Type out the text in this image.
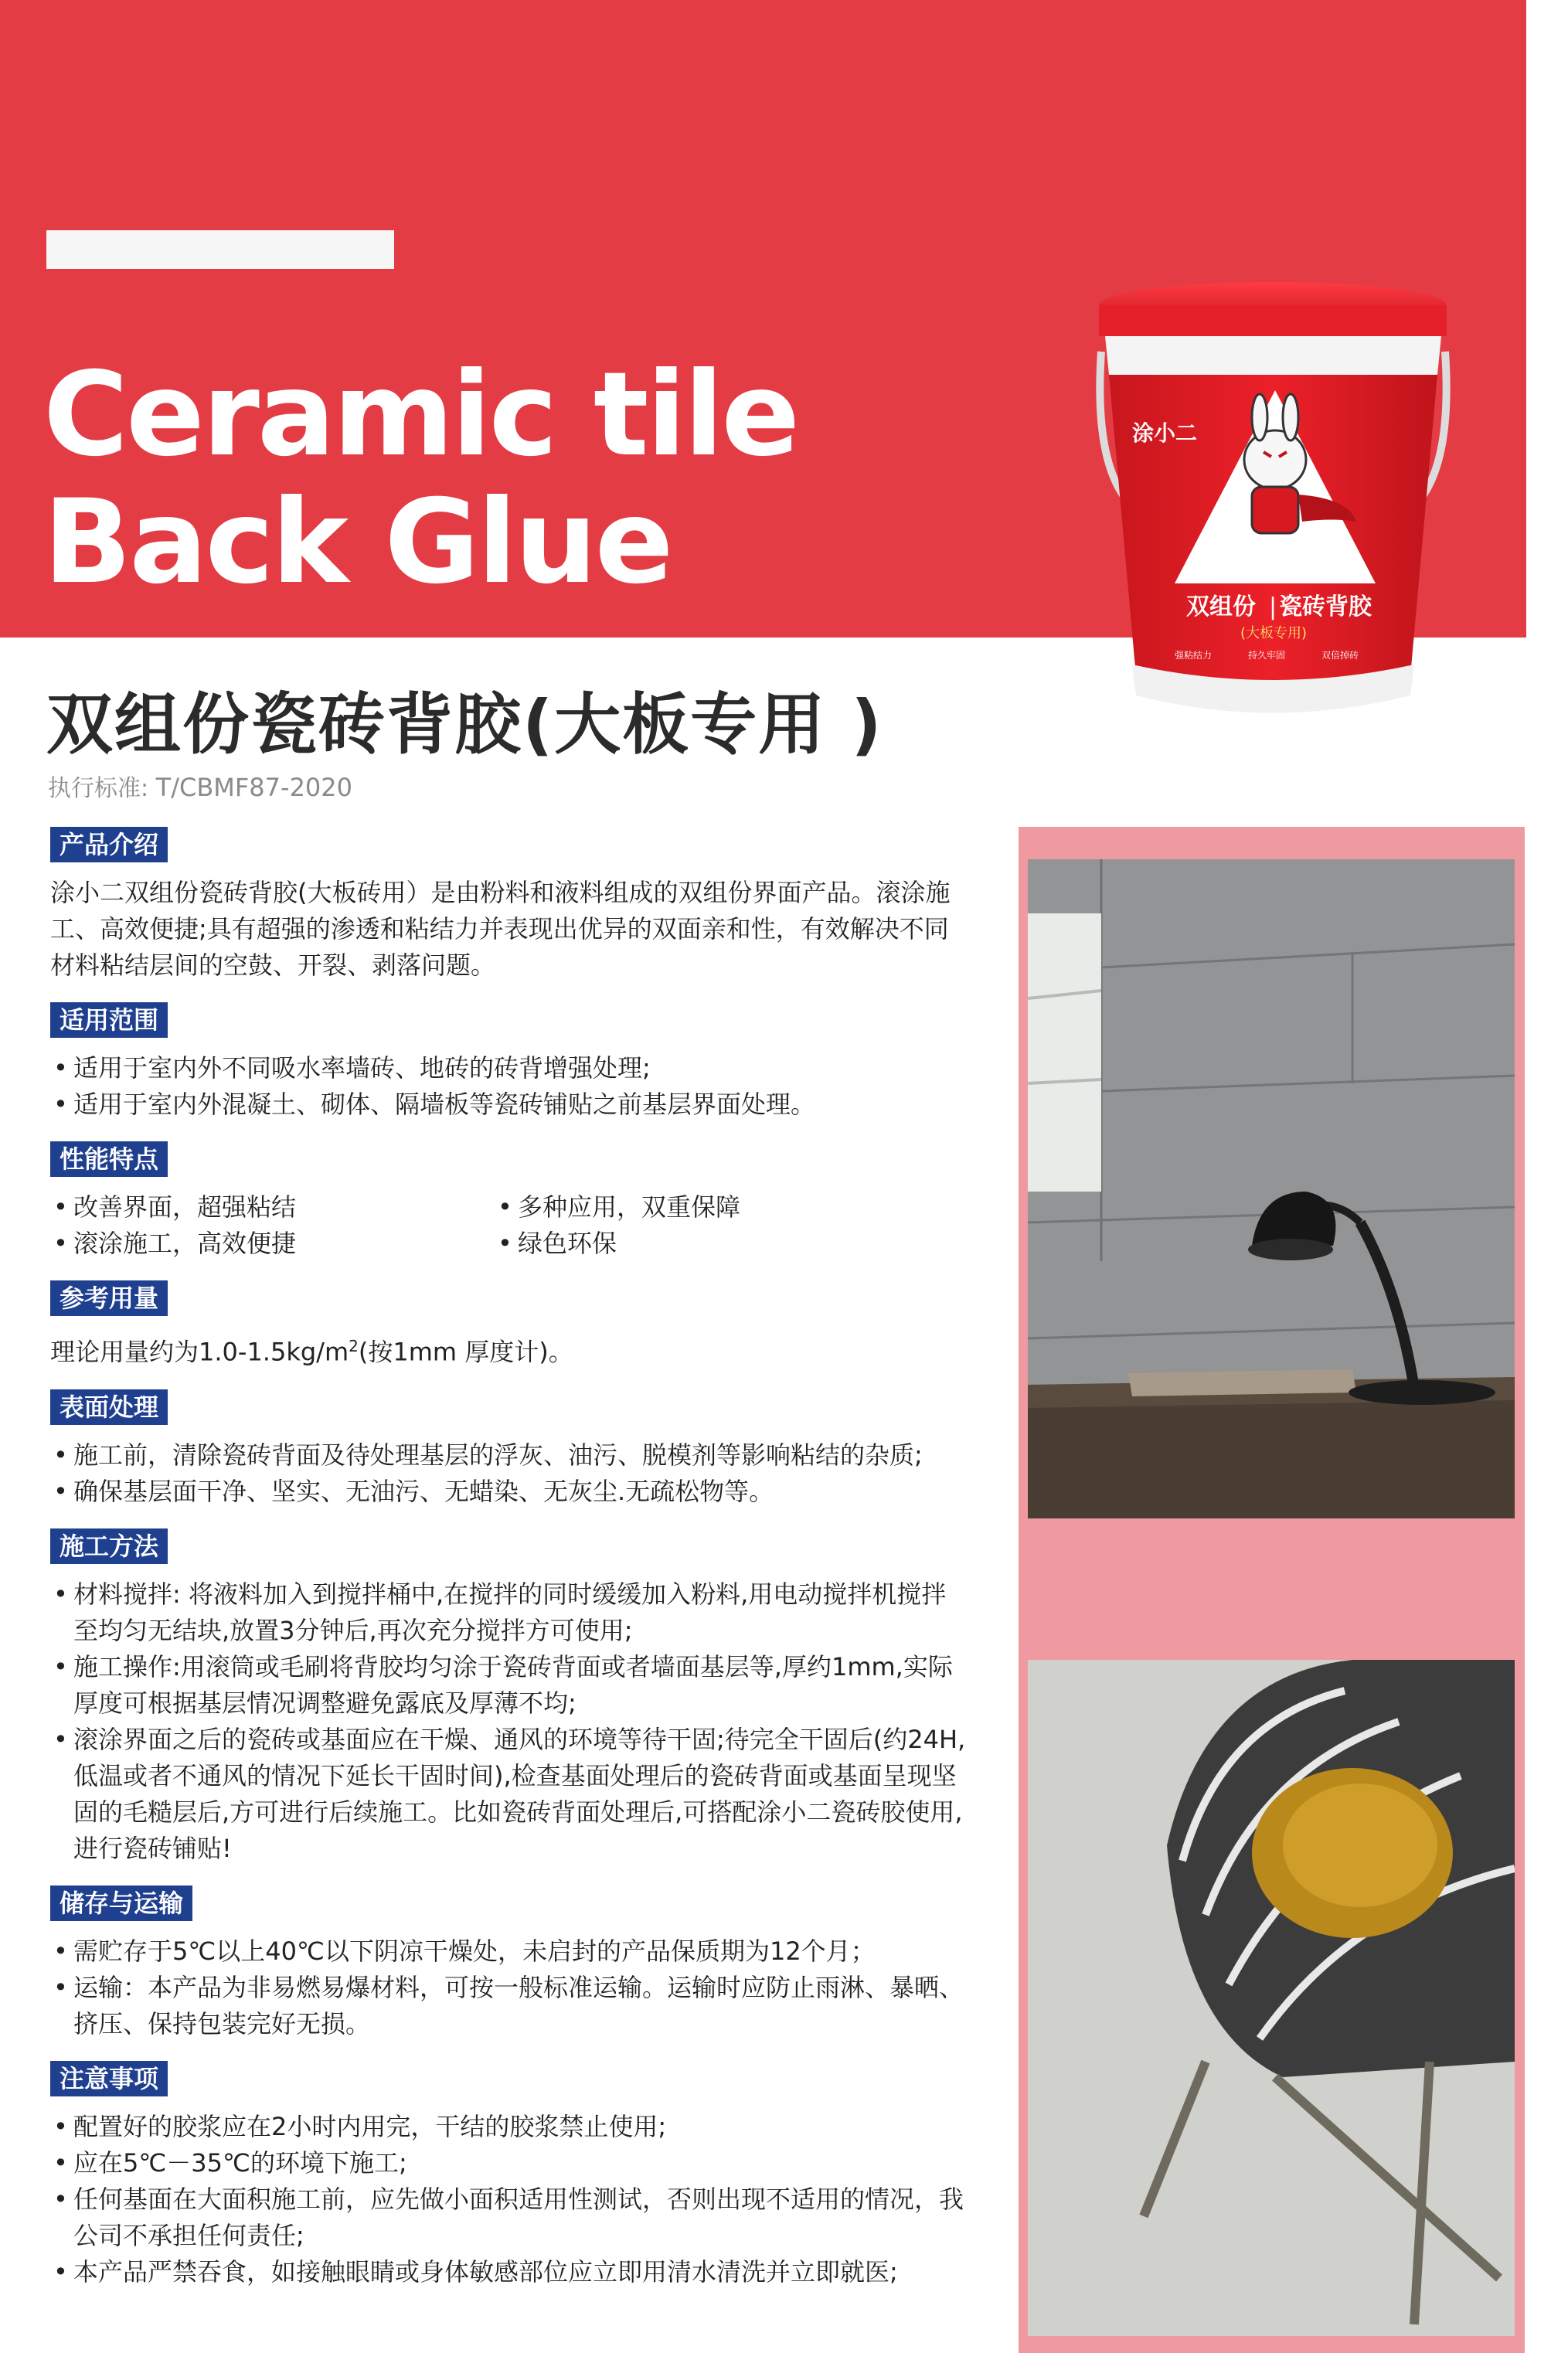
Ceramic tile
Back Glue
涂小二
双组份 | 瓷砖背胶
(大板专用)
强粘结力	持久牢固	双倍掉砖
双组份瓷砖背胶(大板专用 )
执行标准: T/CBMF87-2020
产品介绍
涂小二双组份瓷砖背胶(大板砖用）是由粉料和液料组成的双组份界面产品。滚涂施工、高效便捷;具有超强的渗透和粘结力并表现出优异的双面亲和性，有效解决不同材料粘结层间的空鼓、开裂、剥落问题。
适用范围
• 适用于室内外不同吸水率墙砖、地砖的砖背增强处理;
• 适用于室内外混凝土、砌体、隔墙板等瓷砖铺贴之前基层界面处理。
性能特点
• 改善界面，超强粘结	• 多种应用，双重保障
• 滚涂施工，高效便捷	• 绿色环保
参考用量
理论用量约为$1.0-1.5kg/m^2$(按1mm 厚度计)。
表面处理
• 施工前，清除瓷砖背面及待处理基层的浮灰、油污、脱模剂等影响粘结的杂质;
• 确保基层面干净、坚实、无油污、无蜡染、无灰尘.无疏松物等。
施工方法
• 材料搅拌: 将液料加入到搅拌桶中,在搅拌的同时缓缓加入粉料,用电动搅拌机搅拌至均匀无结块,放置3分钟后,再次充分搅拌方可使用;
• 施工操作:用滚筒或毛刷将背胶均匀涂于瓷砖背面或者墙面基层等,厚约1mm,实际厚度可根据基层情况调整避免露底及厚薄不均;
• 滚涂界面之后的瓷砖或基面应在干燥、通风的环境等待干固;待完全干固后(约24H,低温或者不通风的情况下延长干固时间),检查基面处理后的瓷砖背面或基面呈现坚固的毛糙层后,方可进行后续施工。比如瓷砖背面处理后,可搭配涂小二瓷砖胶使用,进行瓷砖铺贴!
储存与运输
• 需贮存于5℃以上40℃以下阴凉干燥处，未启封的产品保质期为12个月；
• 运输：本产品为非易燃易爆材料，可按一般标准运输。运输时应防止雨淋、暴晒、挤压、保持包装完好无损。
注意事项
• 配置好的胶浆应在2小时内用完，干结的胶浆禁止使用;
• 应在5℃－35℃的环境下施工;
• 任何基面在大面积施工前，应先做小面积适用性测试，否则出现不适用的情况，我公司不承担任何责任;
• 本产品严禁吞食，如接触眼睛或身体敏感部位应立即用清水清洗并立即就医;
